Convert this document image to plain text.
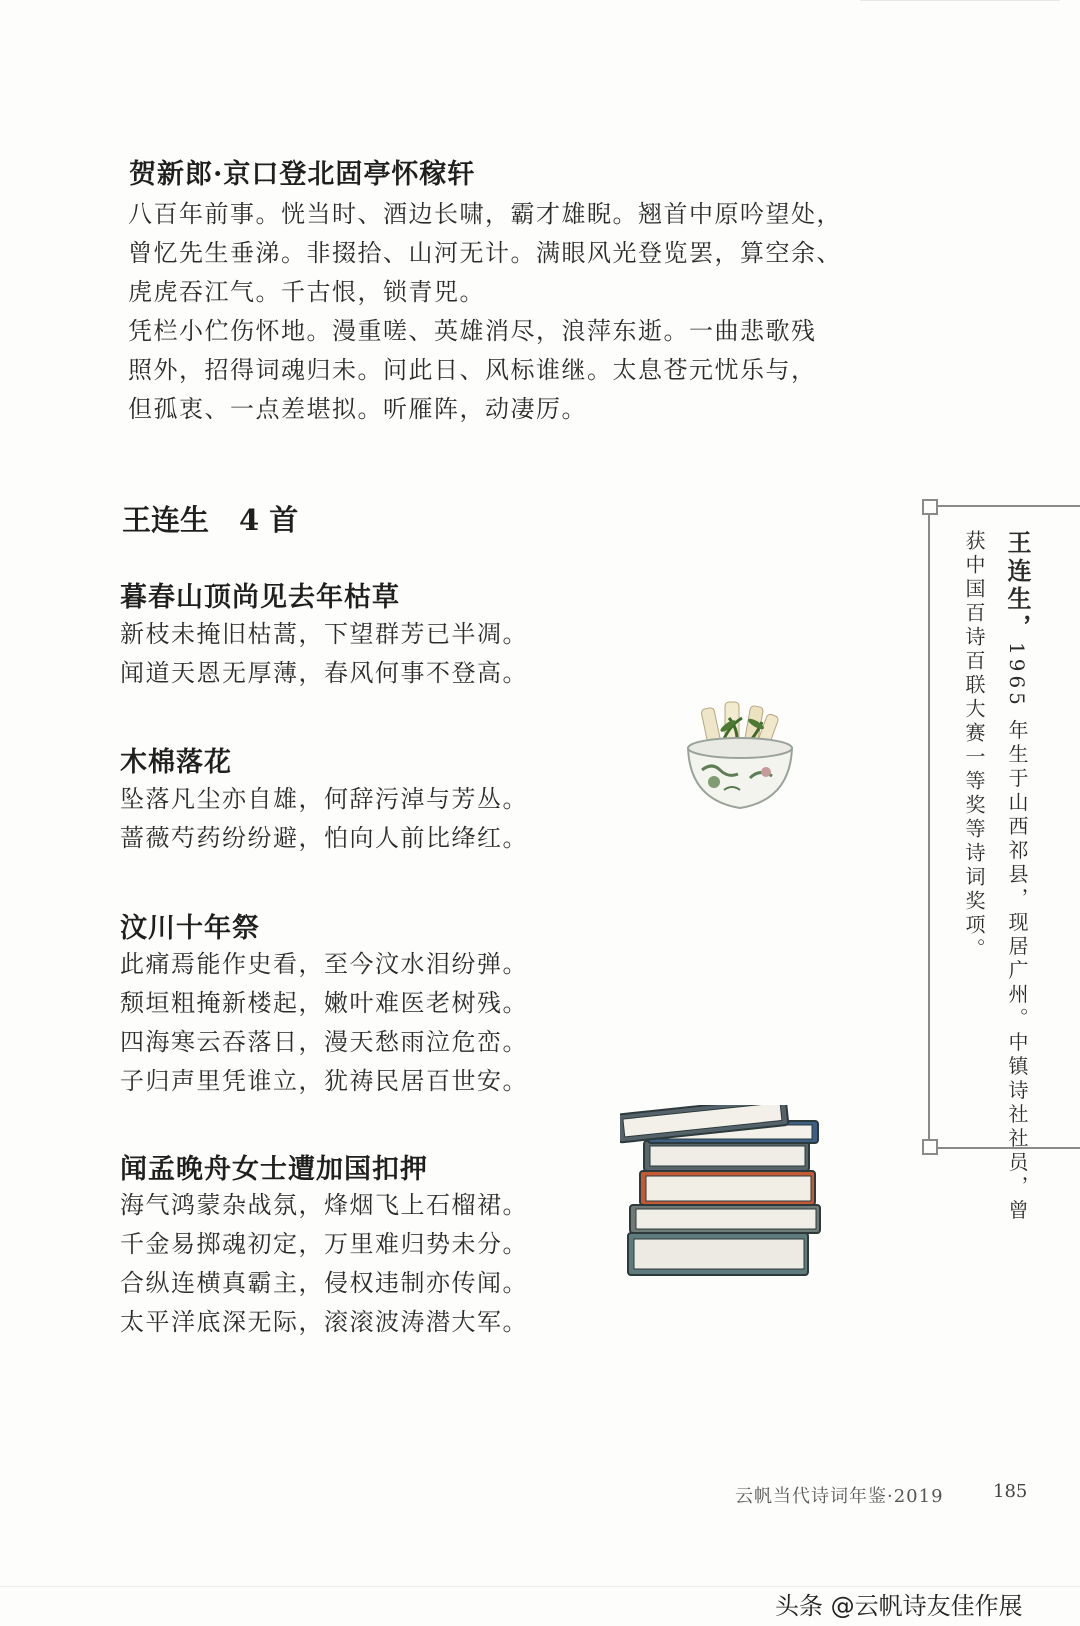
贺新郎·京口登北固亭怀稼轩
八百年前事。恍当时、酒边长啸，霸才雄睨。翘首中原吟望处，
曾忆先生垂涕。非掇拾、山河无计。满眼风光登览罢，算空余、
虎虎吞江气。千古恨，锁青兕。
凭栏小伫伤怀地。漫重嗟、英雄消尽，浪萍东逝。一曲悲歌残
照外，招得词魂归未。问此日、风标谁继。太息苍元忧乐与，
但孤衷、一点差堪拟。听雁阵，动凄厉。
王连生 4 首
暮春山顶尚见去年枯草
新枝未掩旧枯蒿，下望群芳已半凋。
闻道天恩无厚薄，春风何事不登高。
木棉落花
坠落凡尘亦自雄，何辞污淖与芳丛。
蔷薇芍药纷纷避，怕向人前比绛红。
汶川十年祭
此痛焉能作史看，至今汶水泪纷弹。
颓垣粗掩新楼起，嫩叶难医老树残。
四海寒云吞落日，漫天愁雨泣危峦。
子归声里凭谁立，犹祷民居百世安。
闻孟晚舟女士遭加国扣押
海气鸿蒙杂战氛，烽烟飞上石榴裙。
千金易掷魂初定，万里难归势未分。
合纵连横真霸主，侵权违制亦传闻。
太平洋底深无际，滚滚波涛潜大军。
王连生，1965 年生于山西祁县，现居广州。中镇诗社社员，曾
获中国百诗百联大赛一等奖等诗词奖项。
云帆当代诗词年鉴·2019	185
头条 @云帆诗友佳作展
